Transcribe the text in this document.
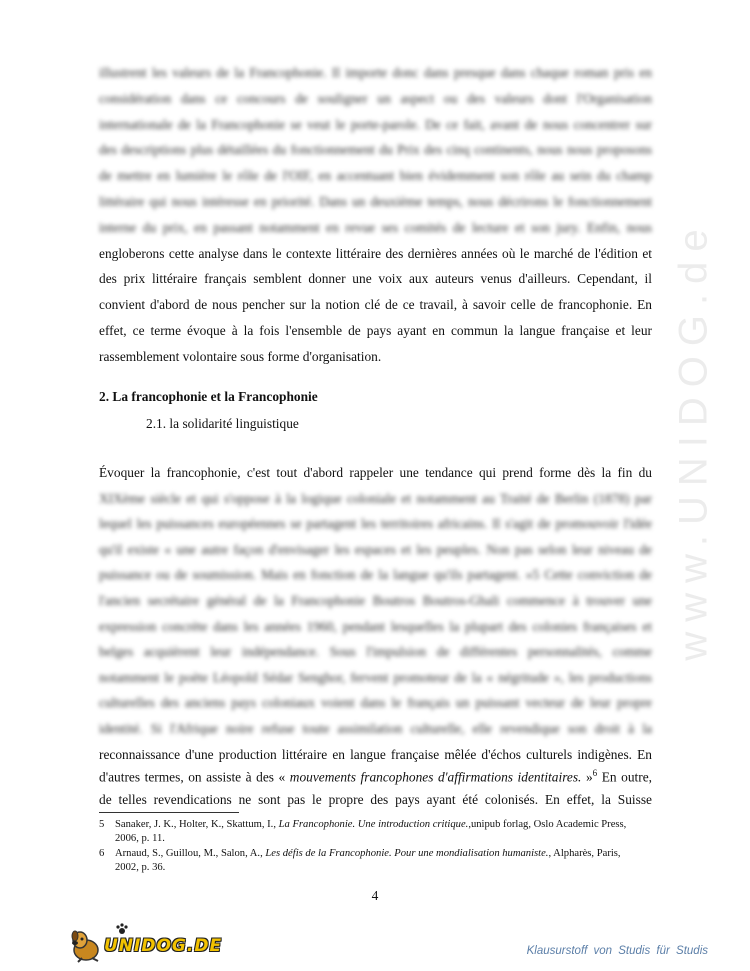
www.UNIDOG.de
illustrent les valeurs de la Francophonie. Il importe donc dans presque dans chaque roman pris en
considération dans ce concours de souligner un aspect ou des valeurs dont l'Organisation
internationale de la Francophonie se veut le porte-parole. De ce fait, avant de nous concentrer sur
des descriptions plus détaillées du fonctionnement du Prix des cinq continents, nous nous proposons
de mettre en lumière le rôle de l'OIF, en accentuant bien évidemment son rôle au sein du champ
littéraire qui nous intéresse en priorité. Dans un deuxième temps, nous décrirons le fonctionnement
interne du prix, en passant notamment en revue ses comités de lecture et son jury. Enfin, nous
engloberons cette analyse dans le contexte littéraire des dernières années où le marché de l'édition et
des prix littéraire français semblent donner une voix aux auteurs venus d'ailleurs. Cependant, il
convient d'abord de nous pencher sur la notion clé de ce travail, à savoir celle de francophonie. En
effet, ce terme évoque à la fois l'ensemble de pays ayant en commun la langue française et leur
rassemblement volontaire sous forme d'organisation.
2. La francophonie et la Francophonie
2.1. la solidarité linguistique
Évoquer la francophonie, c'est tout d'abord rappeler une tendance qui prend forme dès la fin du
XIXème siècle et qui s'oppose à la logique coloniale et notamment au Traité de Berlin (1878) par
lequel les puissances européennes se partagent les territoires africains. Il s'agit de promouvoir l'idée
qu'il existe « une autre façon d'envisager les espaces et les peuples. Non pas selon leur niveau de
puissance ou de soumission. Mais en fonction de la langue qu'ils partagent. »5 Cette conviction de
l'ancien secrétaire général de la Francophonie Boutros Boutros-Ghali commence à trouver une
expression concrète dans les années 1960, pendant lesquelles la plupart des colonies françaises et
belges acquièrent leur indépendance. Sous l'impulsion de différentes personnalités, comme
notamment le poète Léopold Sédar Senghor, fervent promoteur de la « négritude », les productions
culturelles des anciens pays coloniaux voient dans le français un puissant vecteur de leur propre
identité. Si l'Afrique noire refuse toute assimilation culturelle, elle revendique son droit à la
reconnaissance d'une production littéraire en langue française mêlée d'échos culturels indigènes. En
d'autres termes, on assiste à des « mouvements francophones d'affirmations identitaires. »$^6$ En outre,
de telles revendications ne sont pas le propre des pays ayant été colonisés. En effet, la Suisse
5 Sanaker, J. K., Holter, K., Skattum, I., La Francophonie. Une introduction critique.,unipub forlag, Oslo Academic Press, 2006, p. 11.
6 Arnaud, S., Guillou, M., Salon, A., Les défis de la Francophonie. Pour une mondialisation humaniste., Alpharès, Paris, 2002, p. 36.
4
UNIDOG.DE	Klausurstoff von Studis für Studis
